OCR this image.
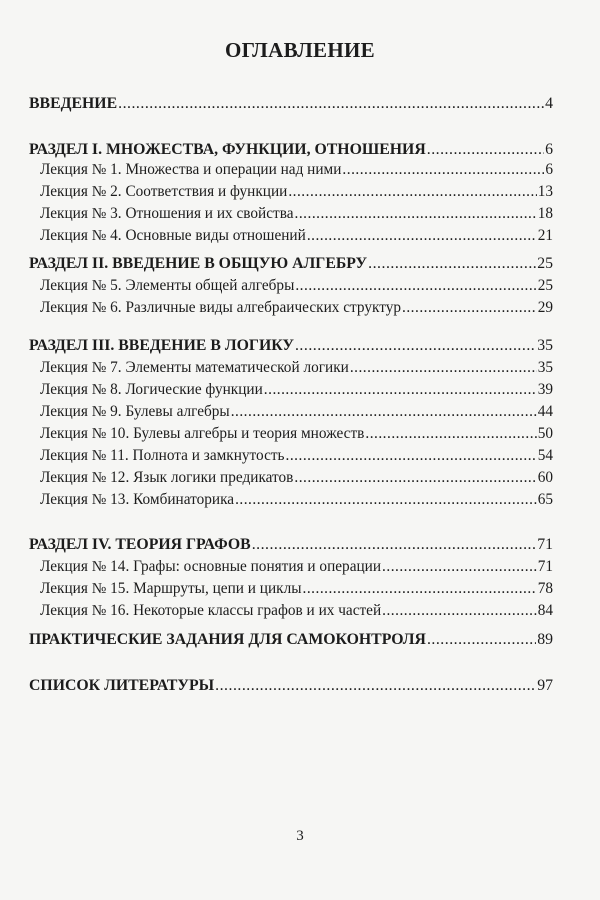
ОГЛАВЛЕНИЕ
ВВЕДЕНИЕ .....	4
РАЗДЕЛ I. МНОЖЕСТВА, ФУНКЦИИ, ОТНОШЕНИЯ .....	6
Лекция № 1. Множества и операции над ними .....	6
Лекция № 2. Соответствия и функции .....	13
Лекция № 3. Отношения и их свойства .....	18
Лекция № 4. Основные виды отношений .....	21
РАЗДЕЛ II. ВВЕДЕНИЕ В ОБЩУЮ АЛГЕБРУ .....	25
Лекция № 5. Элементы общей алгебры .....	25
Лекция № 6. Различные виды алгебраических структур .....	29
РАЗДЕЛ III. ВВЕДЕНИЕ В ЛОГИКУ .....	35
Лекция № 7. Элементы математической логики .....	35
Лекция № 8. Логические функции .....	39
Лекция № 9. Булевы алгебры .....	44
Лекция № 10. Булевы алгебры и теория множеств .....	50
Лекция № 11. Полнота и замкнутость .....	54
Лекция № 12. Язык логики предикатов .....	60
Лекция № 13. Комбинаторика .....	65
РАЗДЕЛ IV. ТЕОРИЯ ГРАФОВ .....	71
Лекция № 14. Графы: основные понятия и операции .....	71
Лекция № 15. Маршруты, цепи и циклы .....	78
Лекция № 16. Некоторые классы графов и их частей .....	84
ПРАКТИЧЕСКИЕ ЗАДАНИЯ ДЛЯ САМОКОНТРОЛЯ .....	89
СПИСОК ЛИТЕРАТУРЫ .....	97
3
